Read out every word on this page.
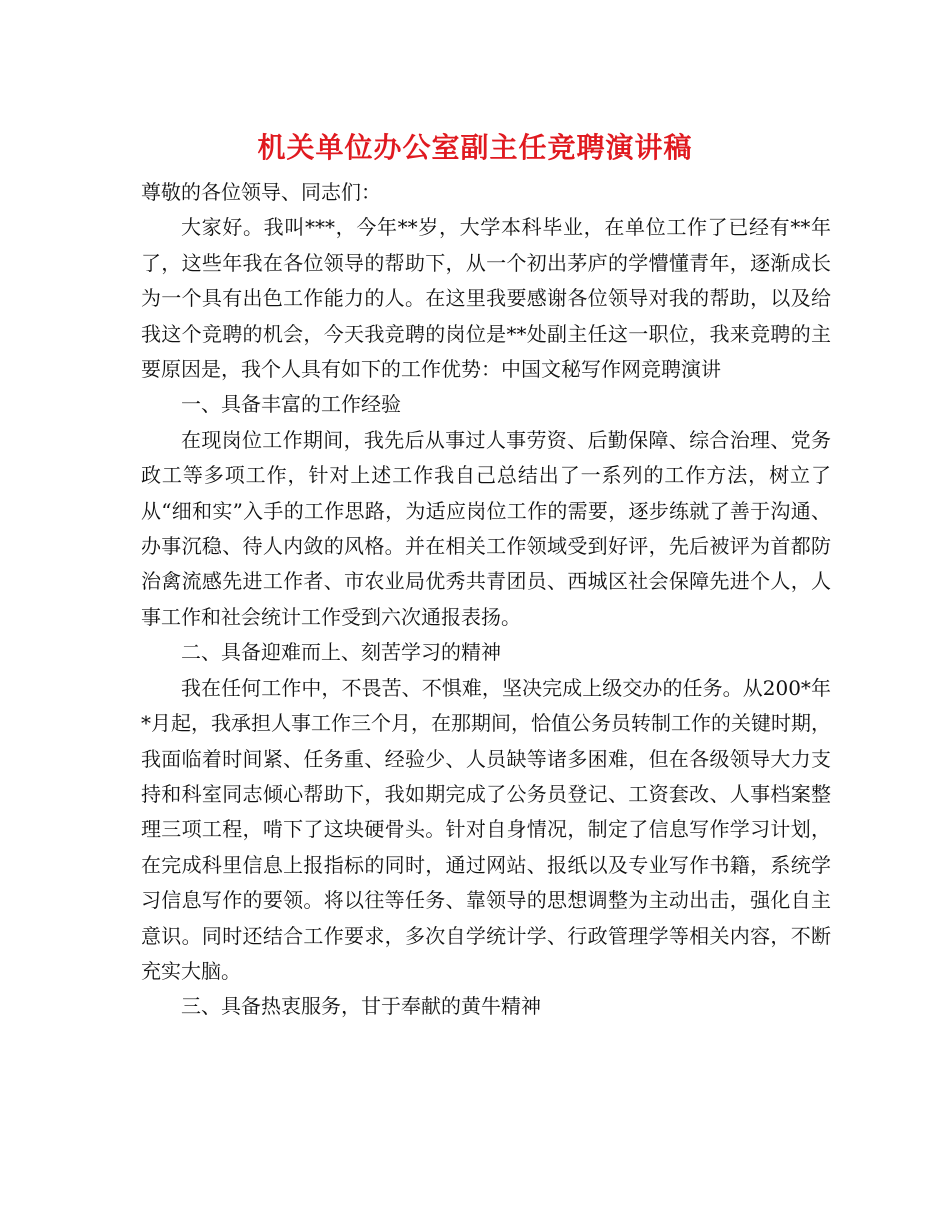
机关单位办公室副主任竞聘演讲稿

尊敬的各位领导、同志们：

大家好。我叫***，今年**岁，大学本科毕业，在单位工作了已经有**年了，这些年我在各位领导的帮助下，从一个初出茅庐的学懵懂青年，逐渐成长为一个具有出色工作能力的人。在这里我要感谢各位领导对我的帮助，以及给我这个竞聘的机会，今天我竞聘的岗位是**处副主任这一职位，我来竞聘的主要原因是，我个人具有如下的工作优势：中国文秘写作网竞聘演讲

一、具备丰富的工作经验

在现岗位工作期间，我先后从事过人事劳资、后勤保障、综合治理、党务政工等多项工作，针对上述工作我自己总结出了一系列的工作方法，树立了从“细和实”入手的工作思路，为适应岗位工作的需要，逐步练就了善于沟通、办事沉稳、待人内敛的风格。并在相关工作领域受到好评，先后被评为首都防治禽流感先进工作者、市农业局优秀共青团员、西城区社会保障先进个人，人事工作和社会统计工作受到六次通报表扬。

二、具备迎难而上、刻苦学习的精神

我在任何工作中，不畏苦、不惧难，坚决完成上级交办的任务。从200*年*月起，我承担人事工作三个月，在那期间，恰值公务员转制工作的关键时期，我面临着时间紧、任务重、经验少、人员缺等诸多困难，但在各级领导大力支持和科室同志倾心帮助下，我如期完成了公务员登记、工资套改、人事档案整理三项工程，啃下了这块硬骨头。针对自身情况，制定了信息写作学习计划，在完成科里信息上报指标的同时，通过网站、报纸以及专业写作书籍，系统学习信息写作的要领。将以往等任务、靠领导的思想调整为主动出击，强化自主意识。同时还结合工作要求，多次自学统计学、行政管理学等相关内容，不断充实大脑。

三、具备热衷服务，甘于奉献的黄牛精神
